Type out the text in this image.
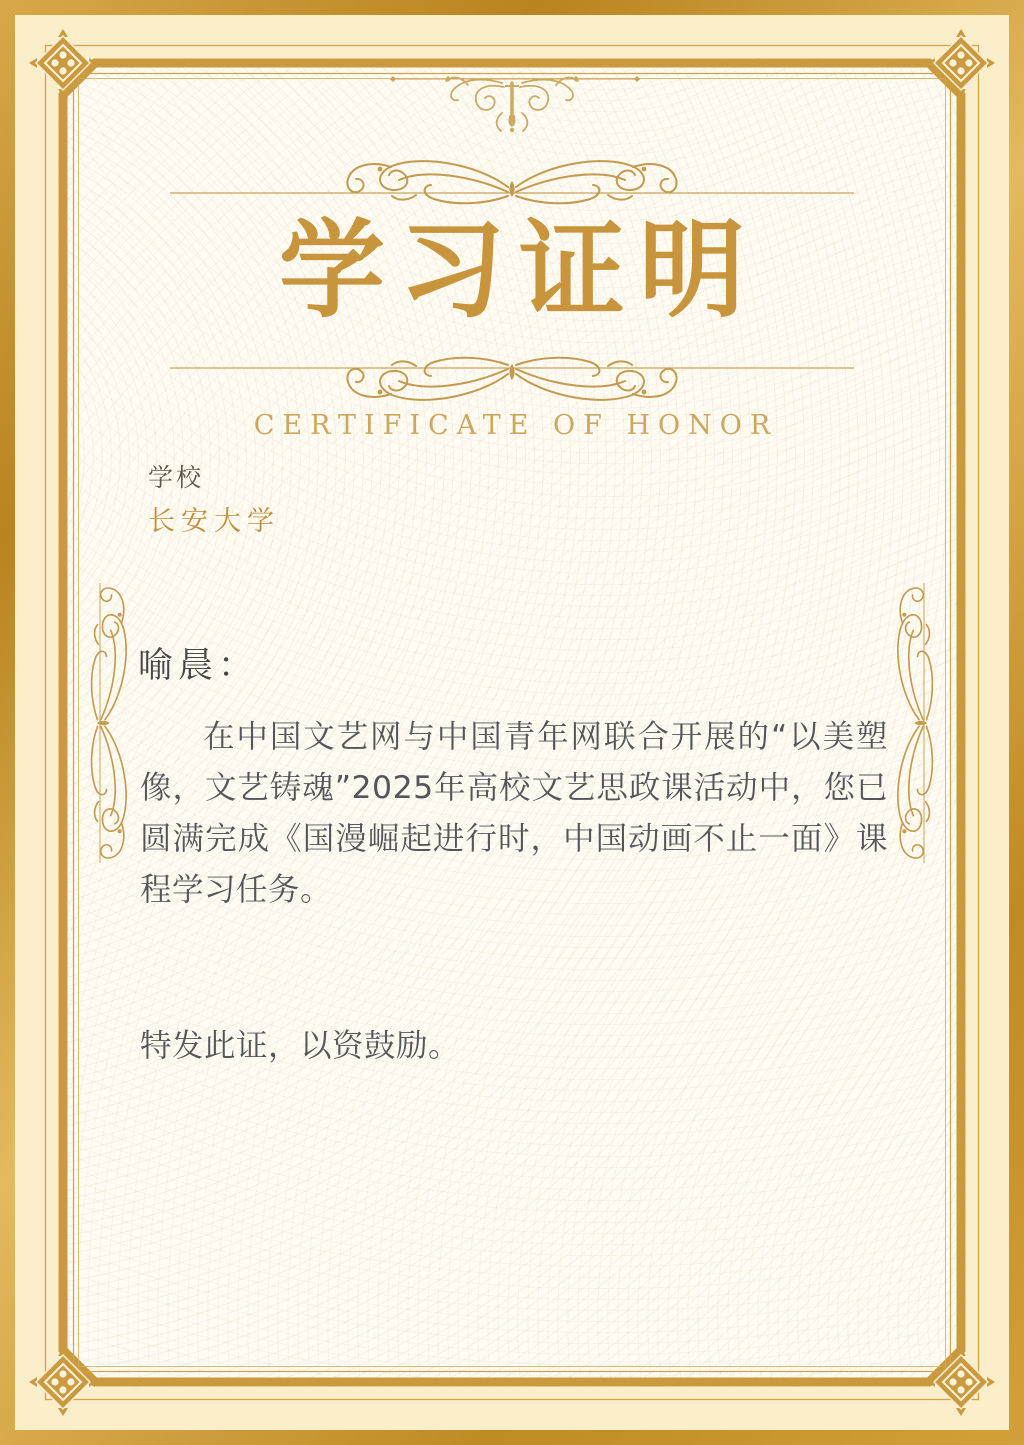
学习证明
CERTIFICATE OF HONOR
学校
长安大学
喻晨：
在中国文艺网与中国青年网联合开展的“以美塑像，文艺铸魂”2025年高校文艺思政课活动中，您已圆满完成《国漫崛起进行时，中国动画不止一面》课程学习任务。
特发此证，以资鼓励。
